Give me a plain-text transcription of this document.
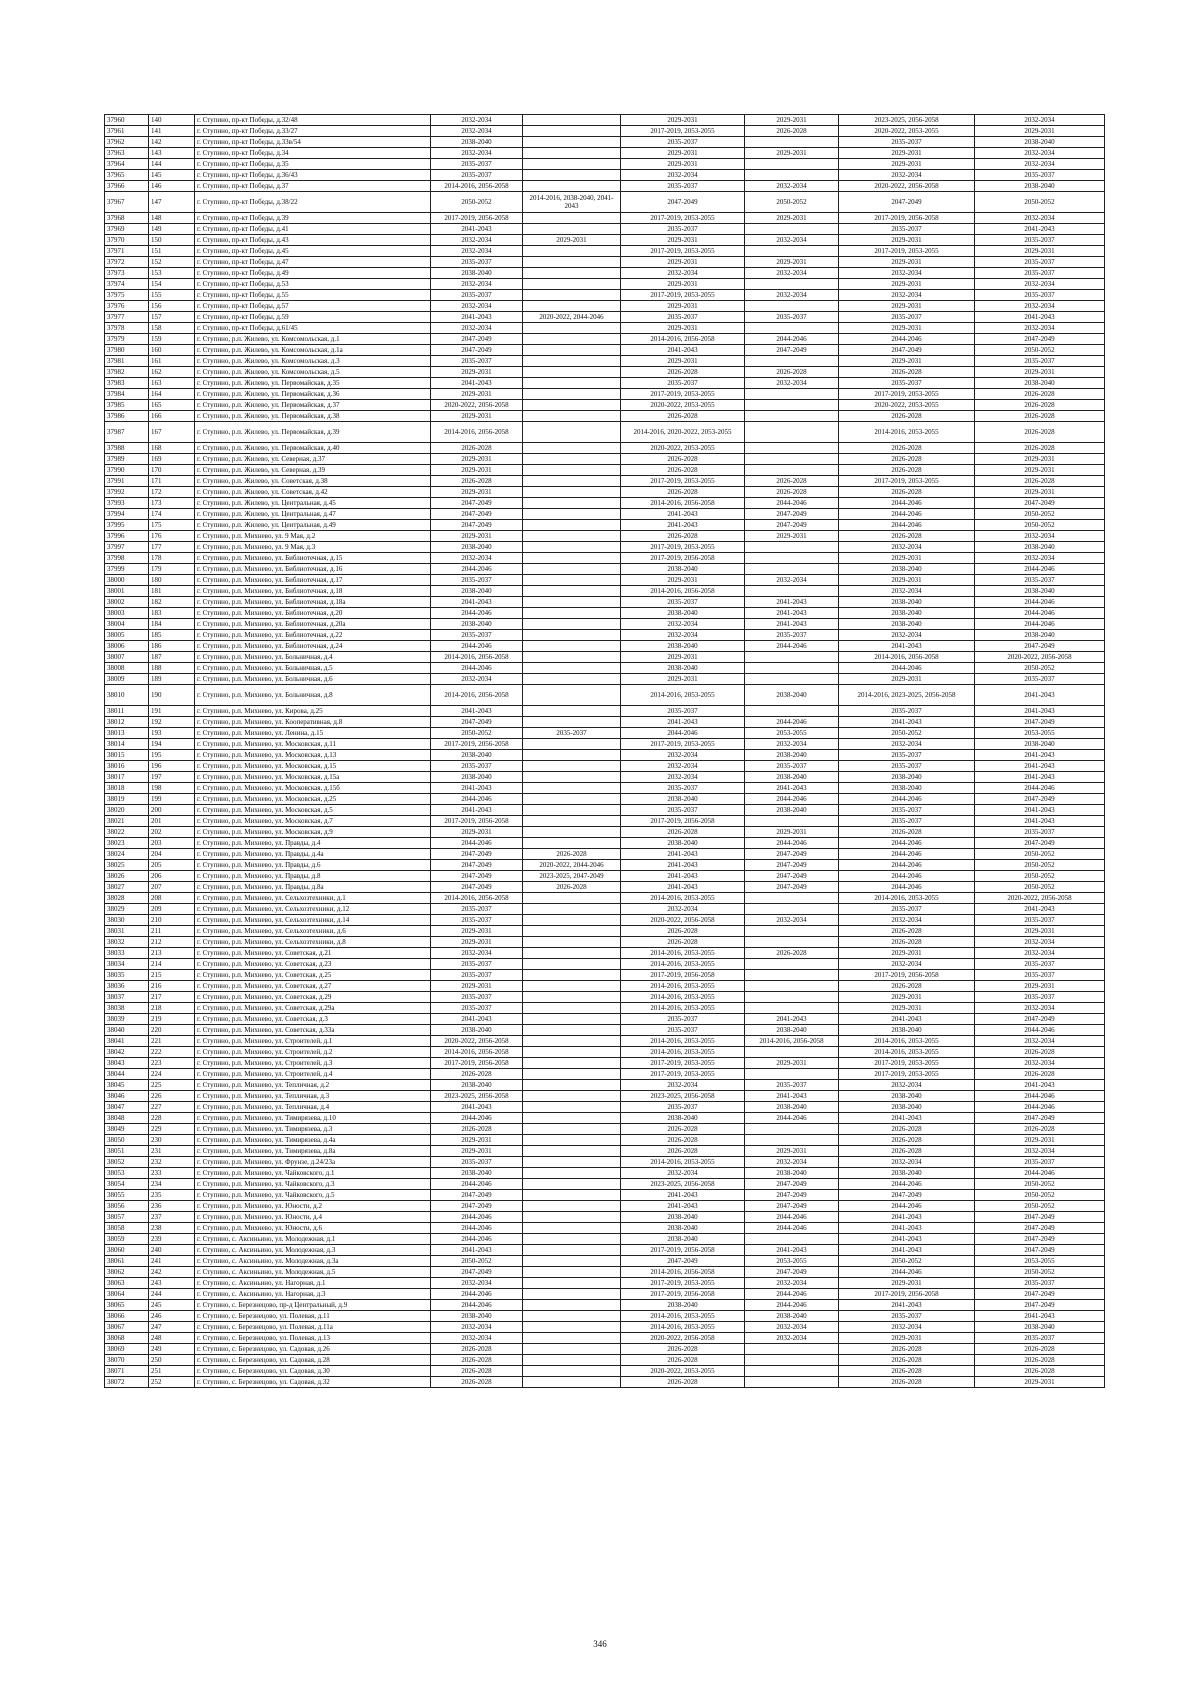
37960	140	г. Ступино, пр-кт Победы, д.32/48	2032-2034		2029-2031	2029-2031	2023-2025, 2056-2058	2032-2034
37961	141	г. Ступино, пр-кт Победы, д.33/27	2032-2034		2017-2019, 2053-2055	2026-2028	2020-2022, 2053-2055	2029-2031
37962	142	г. Ступино, пр-кт Победы, д.33в/54	2038-2040		2035-2037		2035-2037	2038-2040
37963	143	г. Ступино, пр-кт Победы, д.34	2032-2034		2029-2031	2029-2031	2029-2031	2032-2034
37964	144	г. Ступино, пр-кт Победы, д.35	2035-2037		2029-2031		2029-2031	2032-2034
37965	145	г. Ступино, пр-кт Победы, д.36/43	2035-2037		2032-2034		2032-2034	2035-2037
37966	146	г. Ступино, пр-кт Победы, д.37	2014-2016, 2056-2058		2035-2037	2032-2034	2020-2022, 2056-2058	2038-2040
37967	147	г. Ступино, пр-кт Победы, д.38/22	2050-2052	2014-2016, 2038-2040, 2041-2043	2047-2049	2050-2052	2047-2049	2050-2052
37968	148	г. Ступино, пр-кт Победы, д.39	2017-2019, 2056-2058		2017-2019, 2053-2055	2029-2031	2017-2019, 2056-2058	2032-2034
37969	149	г. Ступино, пр-кт Победы, д.41	2041-2043		2035-2037		2035-2037	2041-2043
37970	150	г. Ступино, пр-кт Победы, д.43	2032-2034	2029-2031	2029-2031	2032-2034	2029-2031	2035-2037
37971	151	г. Ступино, пр-кт Победы, д.45	2032-2034		2017-2019, 2053-2055		2017-2019, 2053-2055	2029-2031
37972	152	г. Ступино, пр-кт Победы, д.47	2035-2037		2029-2031	2029-2031	2029-2031	2035-2037
37973	153	г. Ступино, пр-кт Победы, д.49	2038-2040		2032-2034	2032-2034	2032-2034	2035-2037
37974	154	г. Ступино, пр-кт Победы, д.53	2032-2034		2029-2031		2029-2031	2032-2034
37975	155	г. Ступино, пр-кт Победы, д.55	2035-2037		2017-2019, 2053-2055	2032-2034	2032-2034	2035-2037
37976	156	г. Ступино, пр-кт Победы, д.57	2032-2034		2029-2031		2029-2031	2032-2034
37977	157	г. Ступино, пр-кт Победы, д.59	2041-2043	2020-2022, 2044-2046	2035-2037	2035-2037	2035-2037	2041-2043
37978	158	г. Ступино, пр-кт Победы, д.61/45	2032-2034		2029-2031		2029-2031	2032-2034
37979	159	г. Ступино, р.п. Жилево, ул. Комсомольская, д.1	2047-2049		2014-2016, 2056-2058	2044-2046	2044-2046	2047-2049
37980	160	г. Ступино, р.п. Жилево, ул. Комсомольская, д.1а	2047-2049		2041-2043	2047-2049	2047-2049	2050-2052
37981	161	г. Ступино, р.п. Жилево, ул. Комсомольская, д.3	2035-2037		2029-2031		2029-2031	2035-2037
37982	162	г. Ступино, р.п. Жилево, ул. Комсомольская, д.5	2029-2031		2026-2028	2026-2028	2026-2028	2029-2031
37983	163	г. Ступино, р.п. Жилево, ул. Первомайская, д.35	2041-2043		2035-2037	2032-2034	2035-2037	2038-2040
37984	164	г. Ступино, р.п. Жилево, ул. Первомайская, д.36	2029-2031		2017-2019, 2053-2055		2017-2019, 2053-2055	2026-2028
37985	165	г. Ступино, р.п. Жилево, ул. Первомайская, д.37	2020-2022, 2056-2058		2020-2022, 2053-2055		2020-2022, 2053-2055	2026-2028
37986	166	г. Ступино, р.п. Жилево, ул. Первомайская, д.38	2029-2031		2026-2028		2026-2028	2026-2028
37987	167	г. Ступино, р.п. Жилево, ул. Первомайская, д.39	2014-2016, 2056-2058		2014-2016, 2020-2022, 2053-2055		2014-2016, 2053-2055	2026-2028
37988	168	г. Ступино, р.п. Жилево, ул. Первомайская, д.40	2026-2028		2020-2022, 2053-2055		2026-2028	2026-2028
37989	169	г. Ступино, р.п. Жилево, ул. Северная, д.37	2029-2031		2026-2028		2026-2028	2029-2031
37990	170	г. Ступино, р.п. Жилево, ул. Северная, д.39	2029-2031		2026-2028		2026-2028	2029-2031
37991	171	г. Ступино, р.п. Жилево, ул. Советская, д.38	2026-2028		2017-2019, 2053-2055	2026-2028	2017-2019, 2053-2055	2026-2028
37992	172	г. Ступино, р.п. Жилево, ул. Советская, д.42	2029-2031		2026-2028	2026-2028	2026-2028	2029-2031
37993	173	г. Ступино, р.п. Жилево, ул. Центральная, д.45	2047-2049		2014-2016, 2056-2058	2044-2046	2044-2046	2047-2049
37994	174	г. Ступино, р.п. Жилево, ул. Центральная, д.47	2047-2049		2041-2043	2047-2049	2044-2046	2050-2052
37995	175	г. Ступино, р.п. Жилево, ул. Центральная, д.49	2047-2049		2041-2043	2047-2049	2044-2046	2050-2052
37996	176	г. Ступино, р.п. Михнево, ул. 9 Мая, д.2	2029-2031		2026-2028	2029-2031	2026-2028	2032-2034
37997	177	г. Ступино, р.п. Михнево, ул. 9 Мая, д.3	2038-2040		2017-2019, 2053-2055		2032-2034	2038-2040
37998	178	г. Ступино, р.п. Михнево, ул. Библиотечная, д.15	2032-2034		2017-2019, 2056-2058		2029-2031	2032-2034
37999	179	г. Ступино, р.п. Михнево, ул. Библиотечная, д.16	2044-2046		2038-2040		2038-2040	2044-2046
38000	180	г. Ступино, р.п. Михнево, ул. Библиотечная, д.17	2035-2037		2029-2031	2032-2034	2029-2031	2035-2037
38001	181	г. Ступино, р.п. Михнево, ул. Библиотечная, д.18	2038-2040		2014-2016, 2056-2058		2032-2034	2038-2040
38002	182	г. Ступино, р.п. Михнево, ул. Библиотечная, д.18а	2041-2043		2035-2037	2041-2043	2038-2040	2044-2046
38003	183	г. Ступино, р.п. Михнево, ул. Библиотечная, д.20	2044-2046		2038-2040	2041-2043	2038-2040	2044-2046
38004	184	г. Ступино, р.п. Михнево, ул. Библиотечная, д.20а	2038-2040		2032-2034	2041-2043	2038-2040	2044-2046
38005	185	г. Ступино, р.п. Михнево, ул. Библиотечная, д.22	2035-2037		2032-2034	2035-2037	2032-2034	2038-2040
38006	186	г. Ступино, р.п. Михнево, ул. Библиотечная, д.24	2044-2046		2038-2040	2044-2046	2041-2043	2047-2049
38007	187	г. Ступино, р.п. Михнево, ул. Больничная, д.4	2014-2016, 2056-2058		2029-2031		2014-2016, 2056-2058	2020-2022, 2056-2058
38008	188	г. Ступино, р.п. Михнево, ул. Больничная, д.5	2044-2046		2038-2040		2044-2046	2050-2052
38009	189	г. Ступино, р.п. Михнево, ул. Больничная, д.6	2032-2034		2029-2031		2029-2031	2035-2037
38010	190	г. Ступино, р.п. Михнево, ул. Больничная, д.8	2014-2016, 2056-2058		2014-2016, 2053-2055	2038-2040	2014-2016, 2023-2025, 2056-2058	2041-2043
38011	191	г. Ступино, р.п. Михнево, ул. Кирова, д.25	2041-2043		2035-2037		2035-2037	2041-2043
38012	192	г. Ступино, р.п. Михнево, ул. Кооперативная, д.8	2047-2049		2041-2043	2044-2046	2041-2043	2047-2049
38013	193	г. Ступино, р.п. Михнево, ул. Ленина, д.15	2050-2052	2035-2037	2044-2046	2053-2055	2050-2052	2053-2055
38014	194	г. Ступино, р.п. Михнево, ул. Московская, д.11	2017-2019, 2056-2058		2017-2019, 2053-2055	2032-2034	2032-2034	2038-2040
38015	195	г. Ступино, р.п. Михнево, ул. Московская, д.13	2038-2040		2032-2034	2038-2040	2035-2037	2041-2043
38016	196	г. Ступино, р.п. Михнево, ул. Московская, д.15	2035-2037		2032-2034	2035-2037	2035-2037	2041-2043
38017	197	г. Ступино, р.п. Михнево, ул. Московская, д.15а	2038-2040		2032-2034	2038-2040	2038-2040	2041-2043
38018	198	г. Ступино, р.п. Михнево, ул. Московская, д.15б	2041-2043		2035-2037	2041-2043	2038-2040	2044-2046
38019	199	г. Ступино, р.п. Михнево, ул. Московская, д.25	2044-2046		2038-2040	2044-2046	2044-2046	2047-2049
38020	200	г. Ступино, р.п. Михнево, ул. Московская, д.5	2041-2043		2035-2037	2038-2040	2035-2037	2041-2043
38021	201	г. Ступино, р.п. Михнево, ул. Московская, д.7	2017-2019, 2056-2058		2017-2019, 2056-2058		2035-2037	2041-2043
38022	202	г. Ступино, р.п. Михнево, ул. Московская, д.9	2029-2031		2026-2028	2029-2031	2026-2028	2035-2037
38023	203	г. Ступино, р.п. Михнево, ул. Правды, д.4	2044-2046		2038-2040	2044-2046	2044-2046	2047-2049
38024	204	г. Ступино, р.п. Михнево, ул. Правды, д.4а	2047-2049	2026-2028	2041-2043	2047-2049	2044-2046	2050-2052
38025	205	г. Ступино, р.п. Михнево, ул. Правды, д.6	2047-2049	2020-2022, 2044-2046	2041-2043	2047-2049	2044-2046	2050-2052
38026	206	г. Ступино, р.п. Михнево, ул. Правды, д.8	2047-2049	2023-2025, 2047-2049	2041-2043	2047-2049	2044-2046	2050-2052
38027	207	г. Ступино, р.п. Михнево, ул. Правды, д.8а	2047-2049	2026-2028	2041-2043	2047-2049	2044-2046	2050-2052
38028	208	г. Ступино, р.п. Михнево, ул. Сельхозтехники, д.1	2014-2016, 2056-2058		2014-2016, 2053-2055		2014-2016, 2053-2055	2020-2022, 2056-2058
38029	209	г. Ступино, р.п. Михнево, ул. Сельхозтехники, д.12	2035-2037		2032-2034		2035-2037	2041-2043
38030	210	г. Ступино, р.п. Михнево, ул. Сельхозтехники, д.14	2035-2037		2020-2022, 2056-2058	2032-2034	2032-2034	2035-2037
38031	211	г. Ступино, р.п. Михнево, ул. Сельхозтехники, д.6	2029-2031		2026-2028		2026-2028	2029-2031
38032	212	г. Ступино, р.п. Михнево, ул. Сельхозтехники, д.8	2029-2031		2026-2028		2026-2028	2032-2034
38033	213	г. Ступино, р.п. Михнево, ул. Советская, д.21	2032-2034		2014-2016, 2053-2055	2026-2028	2029-2031	2032-2034
38034	214	г. Ступино, р.п. Михнево, ул. Советская, д.23	2035-2037		2014-2016, 2053-2055		2032-2034	2035-2037
38035	215	г. Ступино, р.п. Михнево, ул. Советская, д.25	2035-2037		2017-2019, 2056-2058		2017-2019, 2056-2058	2035-2037
38036	216	г. Ступино, р.п. Михнево, ул. Советская, д.27	2029-2031		2014-2016, 2053-2055		2026-2028	2029-2031
38037	217	г. Ступино, р.п. Михнево, ул. Советская, д.29	2035-2037		2014-2016, 2053-2055		2029-2031	2035-2037
38038	218	г. Ступино, р.п. Михнево, ул. Советская, д.29а	2035-2037		2014-2016, 2053-2055		2029-2031	2032-2034
38039	219	г. Ступино, р.п. Михнево, ул. Советская, д.3	2041-2043		2035-2037	2041-2043	2041-2043	2047-2049
38040	220	г. Ступино, р.п. Михнево, ул. Советская, д.33а	2038-2040		2035-2037	2038-2040	2038-2040	2044-2046
38041	221	г. Ступино, р.п. Михнево, ул. Строителей, д.1	2020-2022, 2056-2058		2014-2016, 2053-2055	2014-2016, 2056-2058	2014-2016, 2053-2055	2032-2034
38042	222	г. Ступино, р.п. Михнево, ул. Строителей, д.2	2014-2016, 2056-2058		2014-2016, 2053-2055		2014-2016, 2053-2055	2026-2028
38043	223	г. Ступино, р.п. Михнево, ул. Строителей, д.3	2017-2019, 2056-2058		2017-2019, 2053-2055	2029-2031	2017-2019, 2053-2055	2032-2034
38044	224	г. Ступино, р.п. Михнево, ул. Строителей, д.4	2026-2028		2017-2019, 2053-2055		2017-2019, 2053-2055	2026-2028
38045	225	г. Ступино, р.п. Михнево, ул. Тепличная, д.2	2038-2040		2032-2034	2035-2037	2032-2034	2041-2043
38046	226	г. Ступино, р.п. Михнево, ул. Тепличная, д.3	2023-2025, 2056-2058		2023-2025, 2056-2058	2041-2043	2038-2040	2044-2046
38047	227	г. Ступино, р.п. Михнево, ул. Тепличная, д.4	2041-2043		2035-2037	2038-2040	2038-2040	2044-2046
38048	228	г. Ступино, р.п. Михнево, ул. Тимирязева, д.10	2044-2046		2038-2040	2044-2046	2041-2043	2047-2049
38049	229	г. Ступино, р.п. Михнево, ул. Тимирязева, д.3	2026-2028		2026-2028		2026-2028	2026-2028
38050	230	г. Ступино, р.п. Михнево, ул. Тимирязева, д.4а	2029-2031		2026-2028		2026-2028	2029-2031
38051	231	г. Ступино, р.п. Михнево, ул. Тимирязева, д.8а	2029-2031		2026-2028	2029-2031	2026-2028	2032-2034
38052	232	г. Ступино, р.п. Михнево, ул. Фрунзе, д.24/23а	2035-2037		2014-2016, 2053-2055	2032-2034	2032-2034	2035-2037
38053	233	г. Ступино, р.п. Михнево, ул. Чайковского, д.1	2038-2040		2032-2034	2038-2040	2038-2040	2044-2046
38054	234	г. Ступино, р.п. Михнево, ул. Чайковского, д.3	2044-2046		2023-2025, 2056-2058	2047-2049	2044-2046	2050-2052
38055	235	г. Ступино, р.п. Михнево, ул. Чайковского, д.5	2047-2049		2041-2043	2047-2049	2047-2049	2050-2052
38056	236	г. Ступино, р.п. Михнево, ул. Юности, д.2	2047-2049		2041-2043	2047-2049	2044-2046	2050-2052
38057	237	г. Ступино, р.п. Михнево, ул. Юности, д.4	2044-2046		2038-2040	2044-2046	2041-2043	2047-2049
38058	238	г. Ступино, р.п. Михнево, ул. Юности, д.6	2044-2046		2038-2040	2044-2046	2041-2043	2047-2049
38059	239	г. Ступино, с. Аксиньино, ул. Молодежная, д.1	2044-2046		2038-2040		2041-2043	2047-2049
38060	240	г. Ступино, с. Аксиньино, ул. Молодежная, д.3	2041-2043		2017-2019, 2056-2058	2041-2043	2041-2043	2047-2049
38061	241	г. Ступино, с. Аксиньино, ул. Молодежная, д.3а	2050-2052		2047-2049	2053-2055	2050-2052	2053-2055
38062	242	г. Ступино, с. Аксиньино, ул. Молодежная, д.5	2047-2049		2014-2016, 2056-2058	2047-2049	2044-2046	2050-2052
38063	243	г. Ступино, с. Аксиньино, ул. Нагорная, д.1	2032-2034		2017-2019, 2053-2055	2032-2034	2029-2031	2035-2037
38064	244	г. Ступино, с. Аксиньино, ул. Нагорная, д.3	2044-2046		2017-2019, 2056-2058	2044-2046	2017-2019, 2056-2058	2047-2049
38065	245	г. Ступино, с. Березнецово, пр-д Центральный, д.9	2044-2046		2038-2040	2044-2046	2041-2043	2047-2049
38066	246	г. Ступино, с. Березнецово, ул. Полевая, д.11	2038-2040		2014-2016, 2053-2055	2038-2040	2035-2037	2041-2043
38067	247	г. Ступино, с. Березнецово, ул. Полевая, д.11а	2032-2034		2014-2016, 2053-2055	2032-2034	2032-2034	2038-2040
38068	248	г. Ступино, с. Березнецово, ул. Полевая, д.13	2032-2034		2020-2022, 2056-2058	2032-2034	2029-2031	2035-2037
38069	249	г. Ступино, с. Березнецово, ул. Садовая, д.26	2026-2028		2026-2028		2026-2028	2026-2028
38070	250	г. Ступино, с. Березнецово, ул. Садовая, д.28	2026-2028		2026-2028		2026-2028	2026-2028
38071	251	г. Ступино, с. Березнецово, ул. Садовая, д.30	2026-2028		2020-2022, 2053-2055		2026-2028	2026-2028
38072	252	г. Ступино, с. Березнецово, ул. Садовая, д.32	2026-2028		2026-2028		2026-2028	2029-2031
346
